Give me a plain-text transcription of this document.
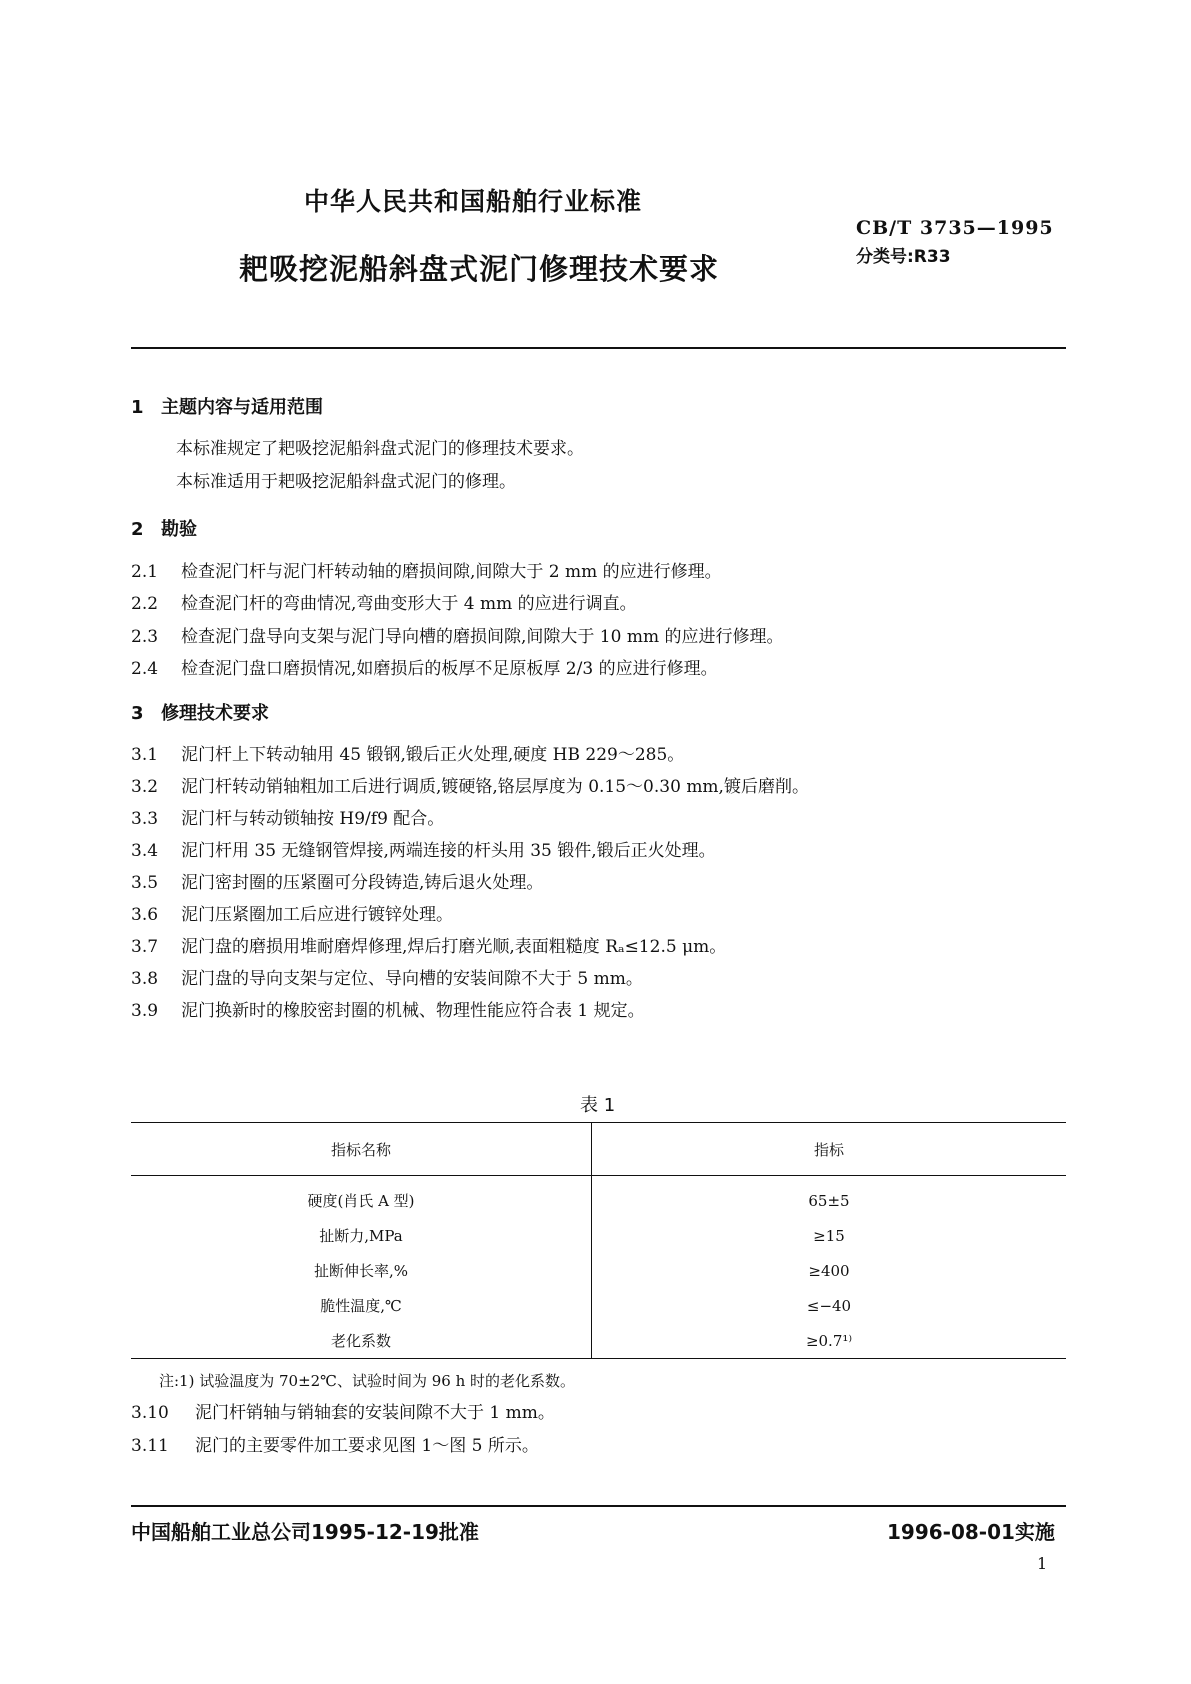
中华人民共和国船舶行业标准
CB/T 3735—1995
分类号:R33
耙吸挖泥船斜盘式泥门修理技术要求
1 主题内容与适用范围
本标准规定了耙吸挖泥船斜盘式泥门的修理技术要求。
本标准适用于耙吸挖泥船斜盘式泥门的修理。
2 勘验
2.1 检查泥门杆与泥门杆转动轴的磨损间隙,间隙大于 2 mm 的应进行修理。
2.2 检查泥门杆的弯曲情况,弯曲变形大于 4 mm 的应进行调直。
2.3 检查泥门盘导向支架与泥门导向槽的磨损间隙,间隙大于 10 mm 的应进行修理。
2.4 检查泥门盘口磨损情况,如磨损后的板厚不足原板厚 2/3 的应进行修理。
3 修理技术要求
3.1 泥门杆上下转动轴用 45 锻钢,锻后正火处理,硬度 HB 229～285。
3.2 泥门杆转动销轴粗加工后进行调质,镀硬铬,铬层厚度为 0.15～0.30 mm,镀后磨削。
3.3 泥门杆与转动锁轴按 H9/f9 配合。
3.4 泥门杆用 35 无缝钢管焊接,两端连接的杆头用 35 锻件,锻后正火处理。
3.5 泥门密封圈的压紧圈可分段铸造,铸后退火处理。
3.6 泥门压紧圈加工后应进行镀锌处理。
3.7 泥门盘的磨损用堆耐磨焊修理,焊后打磨光顺,表面粗糙度 Rₐ≤12.5 μm。
3.8 泥门盘的导向支架与定位、导向槽的安装间隙不大于 5 mm。
3.9 泥门换新时的橡胶密封圈的机械、物理性能应符合表 1 规定。
表 1
指标名称	指标
硬度(肖氏 A 型)	65±5
扯断力,MPa	≥15
扯断伸长率,%	≥400
脆性温度,℃	≤−40
老化系数	≥0.7¹⁾
注:1) 试验温度为 70±2℃、试验时间为 96 h 时的老化系数。
3.10 泥门杆销轴与销轴套的安装间隙不大于 1 mm。
3.11 泥门的主要零件加工要求见图 1～图 5 所示。
中国船舶工业总公司1995-12-19批准	1996-08-01实施
1
